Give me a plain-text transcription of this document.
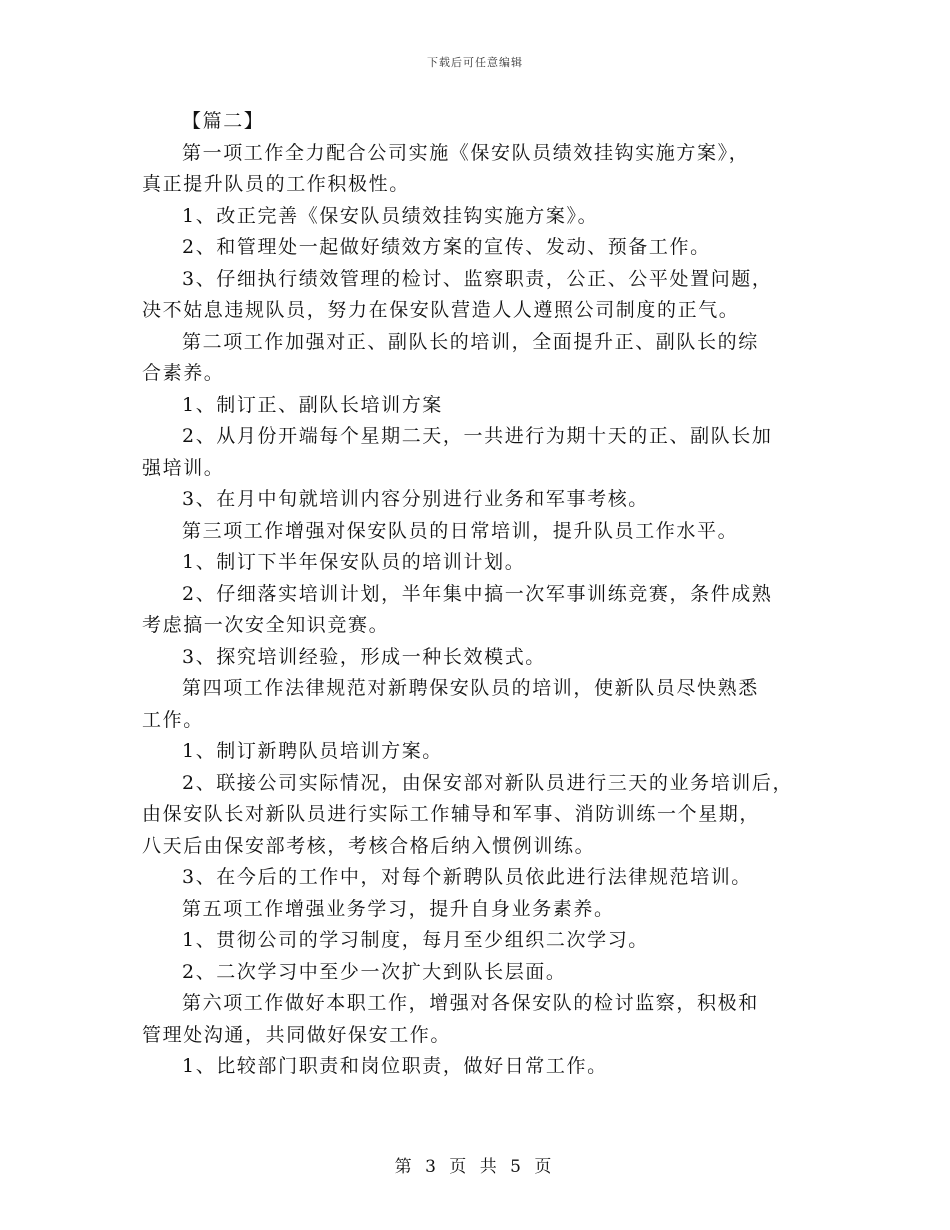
下载后可任意编辑
【篇二】
第一项工作全力配合公司实施《保安队员绩效挂钩实施方案》，
真正提升队员的工作积极性。
1、改正完善《保安队员绩效挂钩实施方案》。
2、和管理处一起做好绩效方案的宣传、发动、预备工作。
3、仔细执行绩效管理的检讨、监察职责，公正、公平处置问题，
决不姑息违规队员，努力在保安队营造人人遵照公司制度的正气。
第二项工作加强对正、副队长的培训，全面提升正、副队长的综
合素养。
1、制订正、副队长培训方案
2、从月份开端每个星期二天，一共进行为期十天的正、副队长加
强培训。
3、在月中旬就培训内容分别进行业务和军事考核。
第三项工作增强对保安队员的日常培训，提升队员工作水平。
1、制订下半年保安队员的培训计划。
2、仔细落实培训计划，半年集中搞一次军事训练竞赛，条件成熟
考虑搞一次安全知识竞赛。
3、探究培训经验，形成一种长效模式。
第四项工作法律规范对新聘保安队员的培训，使新队员尽快熟悉
工作。
1、制订新聘队员培训方案。
2、联接公司实际情况，由保安部对新队员进行三天的业务培训后，
由保安队长对新队员进行实际工作辅导和军事、消防训练一个星期，
八天后由保安部考核，考核合格后纳入惯例训练。
3、在今后的工作中，对每个新聘队员依此进行法律规范培训。
第五项工作增强业务学习，提升自身业务素养。
1、贯彻公司的学习制度，每月至少组织二次学习。
2、二次学习中至少一次扩大到队长层面。
第六项工作做好本职工作，增强对各保安队的检讨监察，积极和
管理处沟通，共同做好保安工作。
1、比较部门职责和岗位职责，做好日常工作。
第 3 页 共 5 页
